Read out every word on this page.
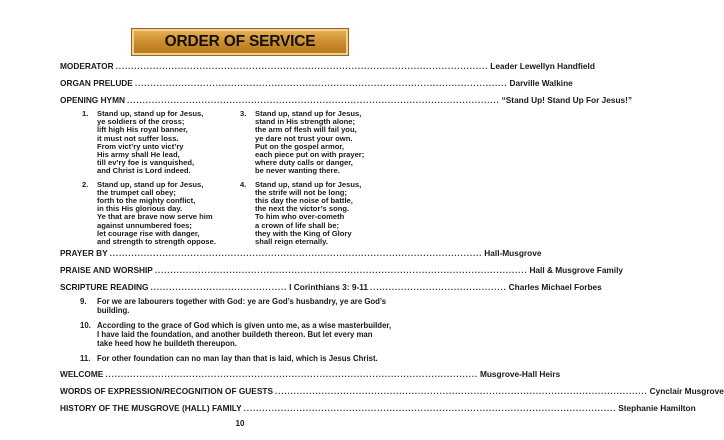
ORDER OF SERVICE
MODERATOR ........................................................................................................................ Leader Lewellyn Handfield
ORGAN PRELUDE ........................................................................................................................ Darville Walkine
OPENING HYMN ........................................................................................................................ “Stand Up! Stand Up For Jesus!”
1. Stand up, stand up for Jesus,
ye soldiers of the cross;
lift high His royal banner,
it must not suffer loss.
From vict’ry unto vict’ry
His army shall He lead,
till ev’ry foe is vanquished,
and Christ is Lord indeed.
2. Stand up, stand up for Jesus,
the trumpet call obey;
forth to the mighty conflict,
in this His glorious day.
Ye that are brave now serve him
against unnumbered foes;
let courage rise with danger,
and strength to strength oppose.
3. Stand up, stand up for Jesus,
stand in His strength alone;
the arm of flesh will fail you,
ye dare not trust your own.
Put on the gospel armor,
each piece put on with prayer;
where duty calls or danger,
be never wanting there.
4. Stand up, stand up for Jesus,
the strife will not be long;
this day the noise of battle,
the next the victor’s song.
To him who over-cometh
a crown of life shall be;
they with the King of Glory
shall reign eternally.
PRAYER BY ........................................................................................................................ Hall-Musgrove
PRAISE AND WORSHIP ........................................................................................................................ Hall & Musgrove Family
SCRIPTURE READING ............................................ I Corinthians 3: 9-11 ............................................ Charles Michael Forbes
9. For we are labourers together with God: ye are God’s husbandry, ye are God’s
building.
10. According to the grace of God which is given unto me, as a wise masterbuilder,
I have laid the foundation, and another buildeth thereon. But let every man
take heed how he buildeth thereupon.
11. For other foundation can no man lay than that is laid, which is Jesus Christ.
WELCOME ........................................................................................................................ Musgrove-Hall Heirs
WORDS OF EXPRESSION/RECOGNITION OF GUESTS ........................................................................................................................ Cynclair Musgrove
HISTORY OF THE MUSGROVE (HALL) FAMILY ........................................................................................................................ Stephanie Hamilton
10
